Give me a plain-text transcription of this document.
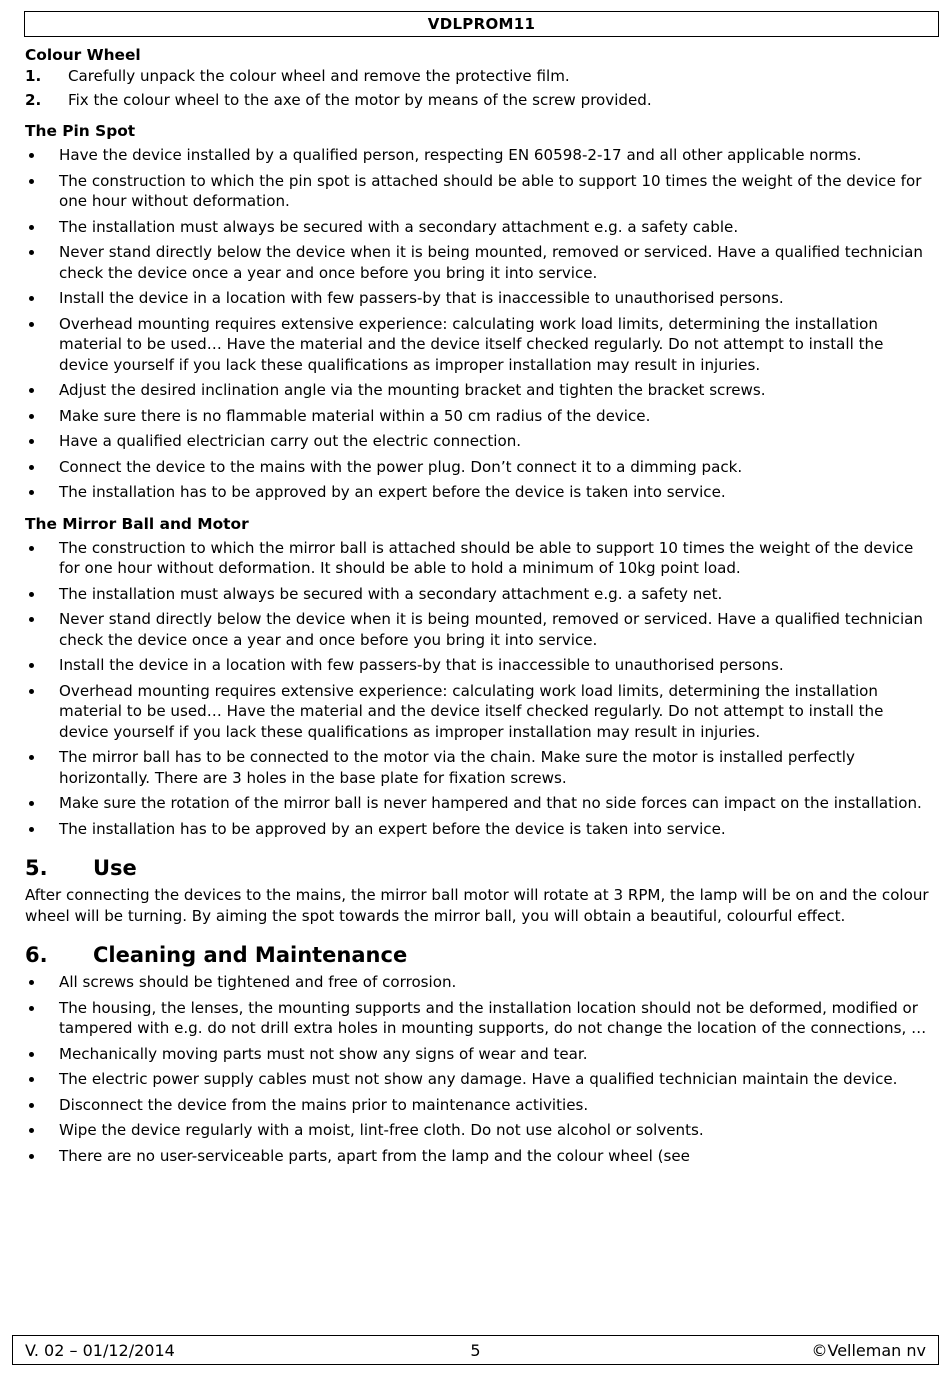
VDLPROM11
Colour Wheel
1. Carefully unpack the colour wheel and remove the protective film.
2. Fix the colour wheel to the axe of the motor by means of the screw provided.
The Pin Spot
Have the device installed by a qualified person, respecting EN 60598-2-17 and all other applicable norms.
The construction to which the pin spot is attached should be able to support 10 times the weight of the device for one hour without deformation.
The installation must always be secured with a secondary attachment e.g. a safety cable.
Never stand directly below the device when it is being mounted, removed or serviced. Have a qualified technician check the device once a year and once before you bring it into service.
Install the device in a location with few passers-by that is inaccessible to unauthorised persons.
Overhead mounting requires extensive experience: calculating work load limits, determining the installation material to be used… Have the material and the device itself checked regularly. Do not attempt to install the device yourself if you lack these qualifications as improper installation may result in injuries.
Adjust the desired inclination angle via the mounting bracket and tighten the bracket screws.
Make sure there is no flammable material within a 50 cm radius of the device.
Have a qualified electrician carry out the electric connection.
Connect the device to the mains with the power plug. Don’t connect it to a dimming pack.
The installation has to be approved by an expert before the device is taken into service.
The Mirror Ball and Motor
The construction to which the mirror ball is attached should be able to support 10 times the weight of the device for one hour without deformation. It should be able to hold a minimum of 10kg point load.
The installation must always be secured with a secondary attachment e.g. a safety net.
Never stand directly below the device when it is being mounted, removed or serviced. Have a qualified technician check the device once a year and once before you bring it into service.
Install the device in a location with few passers-by that is inaccessible to unauthorised persons.
Overhead mounting requires extensive experience: calculating work load limits, determining the installation material to be used… Have the material and the device itself checked regularly. Do not attempt to install the device yourself if you lack these qualifications as improper installation may result in injuries.
The mirror ball has to be connected to the motor via the chain. Make sure the motor is installed perfectly horizontally. There are 3 holes in the base plate for fixation screws.
Make sure the rotation of the mirror ball is never hampered and that no side forces can impact on the installation.
The installation has to be approved by an expert before the device is taken into service.
5. Use

After connecting the devices to the mains, the mirror ball motor will rotate at 3 RPM, the lamp will be on and the colour wheel will be turning. By aiming the spot towards the mirror ball, you will obtain a beautiful, colourful effect.

6. Cleaning and Maintenance
All screws should be tightened and free of corrosion.
The housing, the lenses, the mounting supports and the installation location should not be deformed, modified or tampered with e.g. do not drill extra holes in mounting supports, do not change the location of the connections, …
Mechanically moving parts must not show any signs of wear and tear.
The electric power supply cables must not show any damage. Have a qualified technician maintain the device.
Disconnect the device from the mains prior to maintenance activities.
Wipe the device regularly with a moist, lint-free cloth. Do not use alcohol or solvents.
There are no user-serviceable parts, apart from the lamp and the colour wheel (see
V. 02 – 01/12/2014	5	©Velleman nv
